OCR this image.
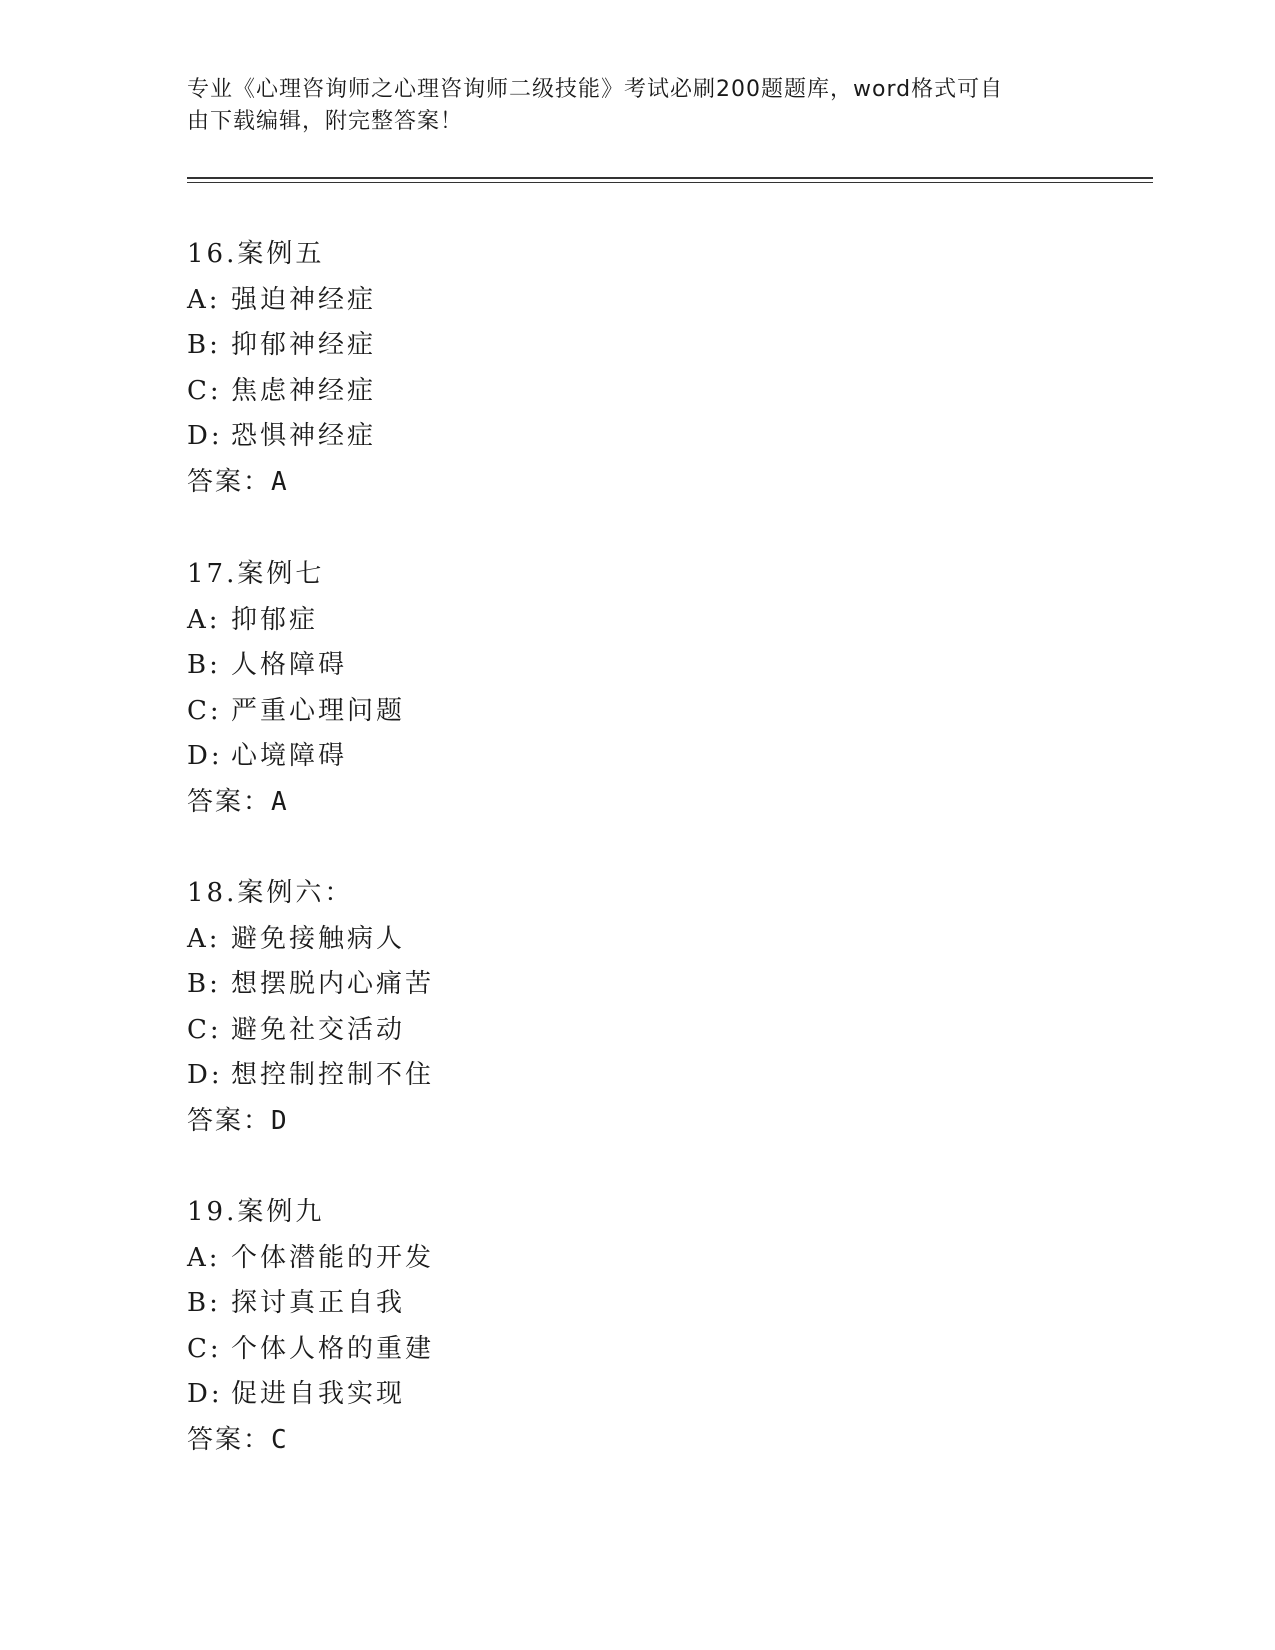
专业《心理咨询师之心理咨询师二级技能》考试必刷200题题库，word格式可自
由下载编辑，附完整答案！
16.案例五
A: 强迫神经症
B: 抑郁神经症
C: 焦虑神经症
D: 恐惧神经症
答案：A
17.案例七
A: 抑郁症
B: 人格障碍
C: 严重心理问题
D: 心境障碍
答案：A
18.案例六：
A: 避免接触病人
B: 想摆脱内心痛苦
C: 避免社交活动
D: 想控制控制不住
答案：D
19.案例九
A: 个体潜能的开发
B: 探讨真正自我
C: 个体人格的重建
D: 促进自我实现
答案：C
